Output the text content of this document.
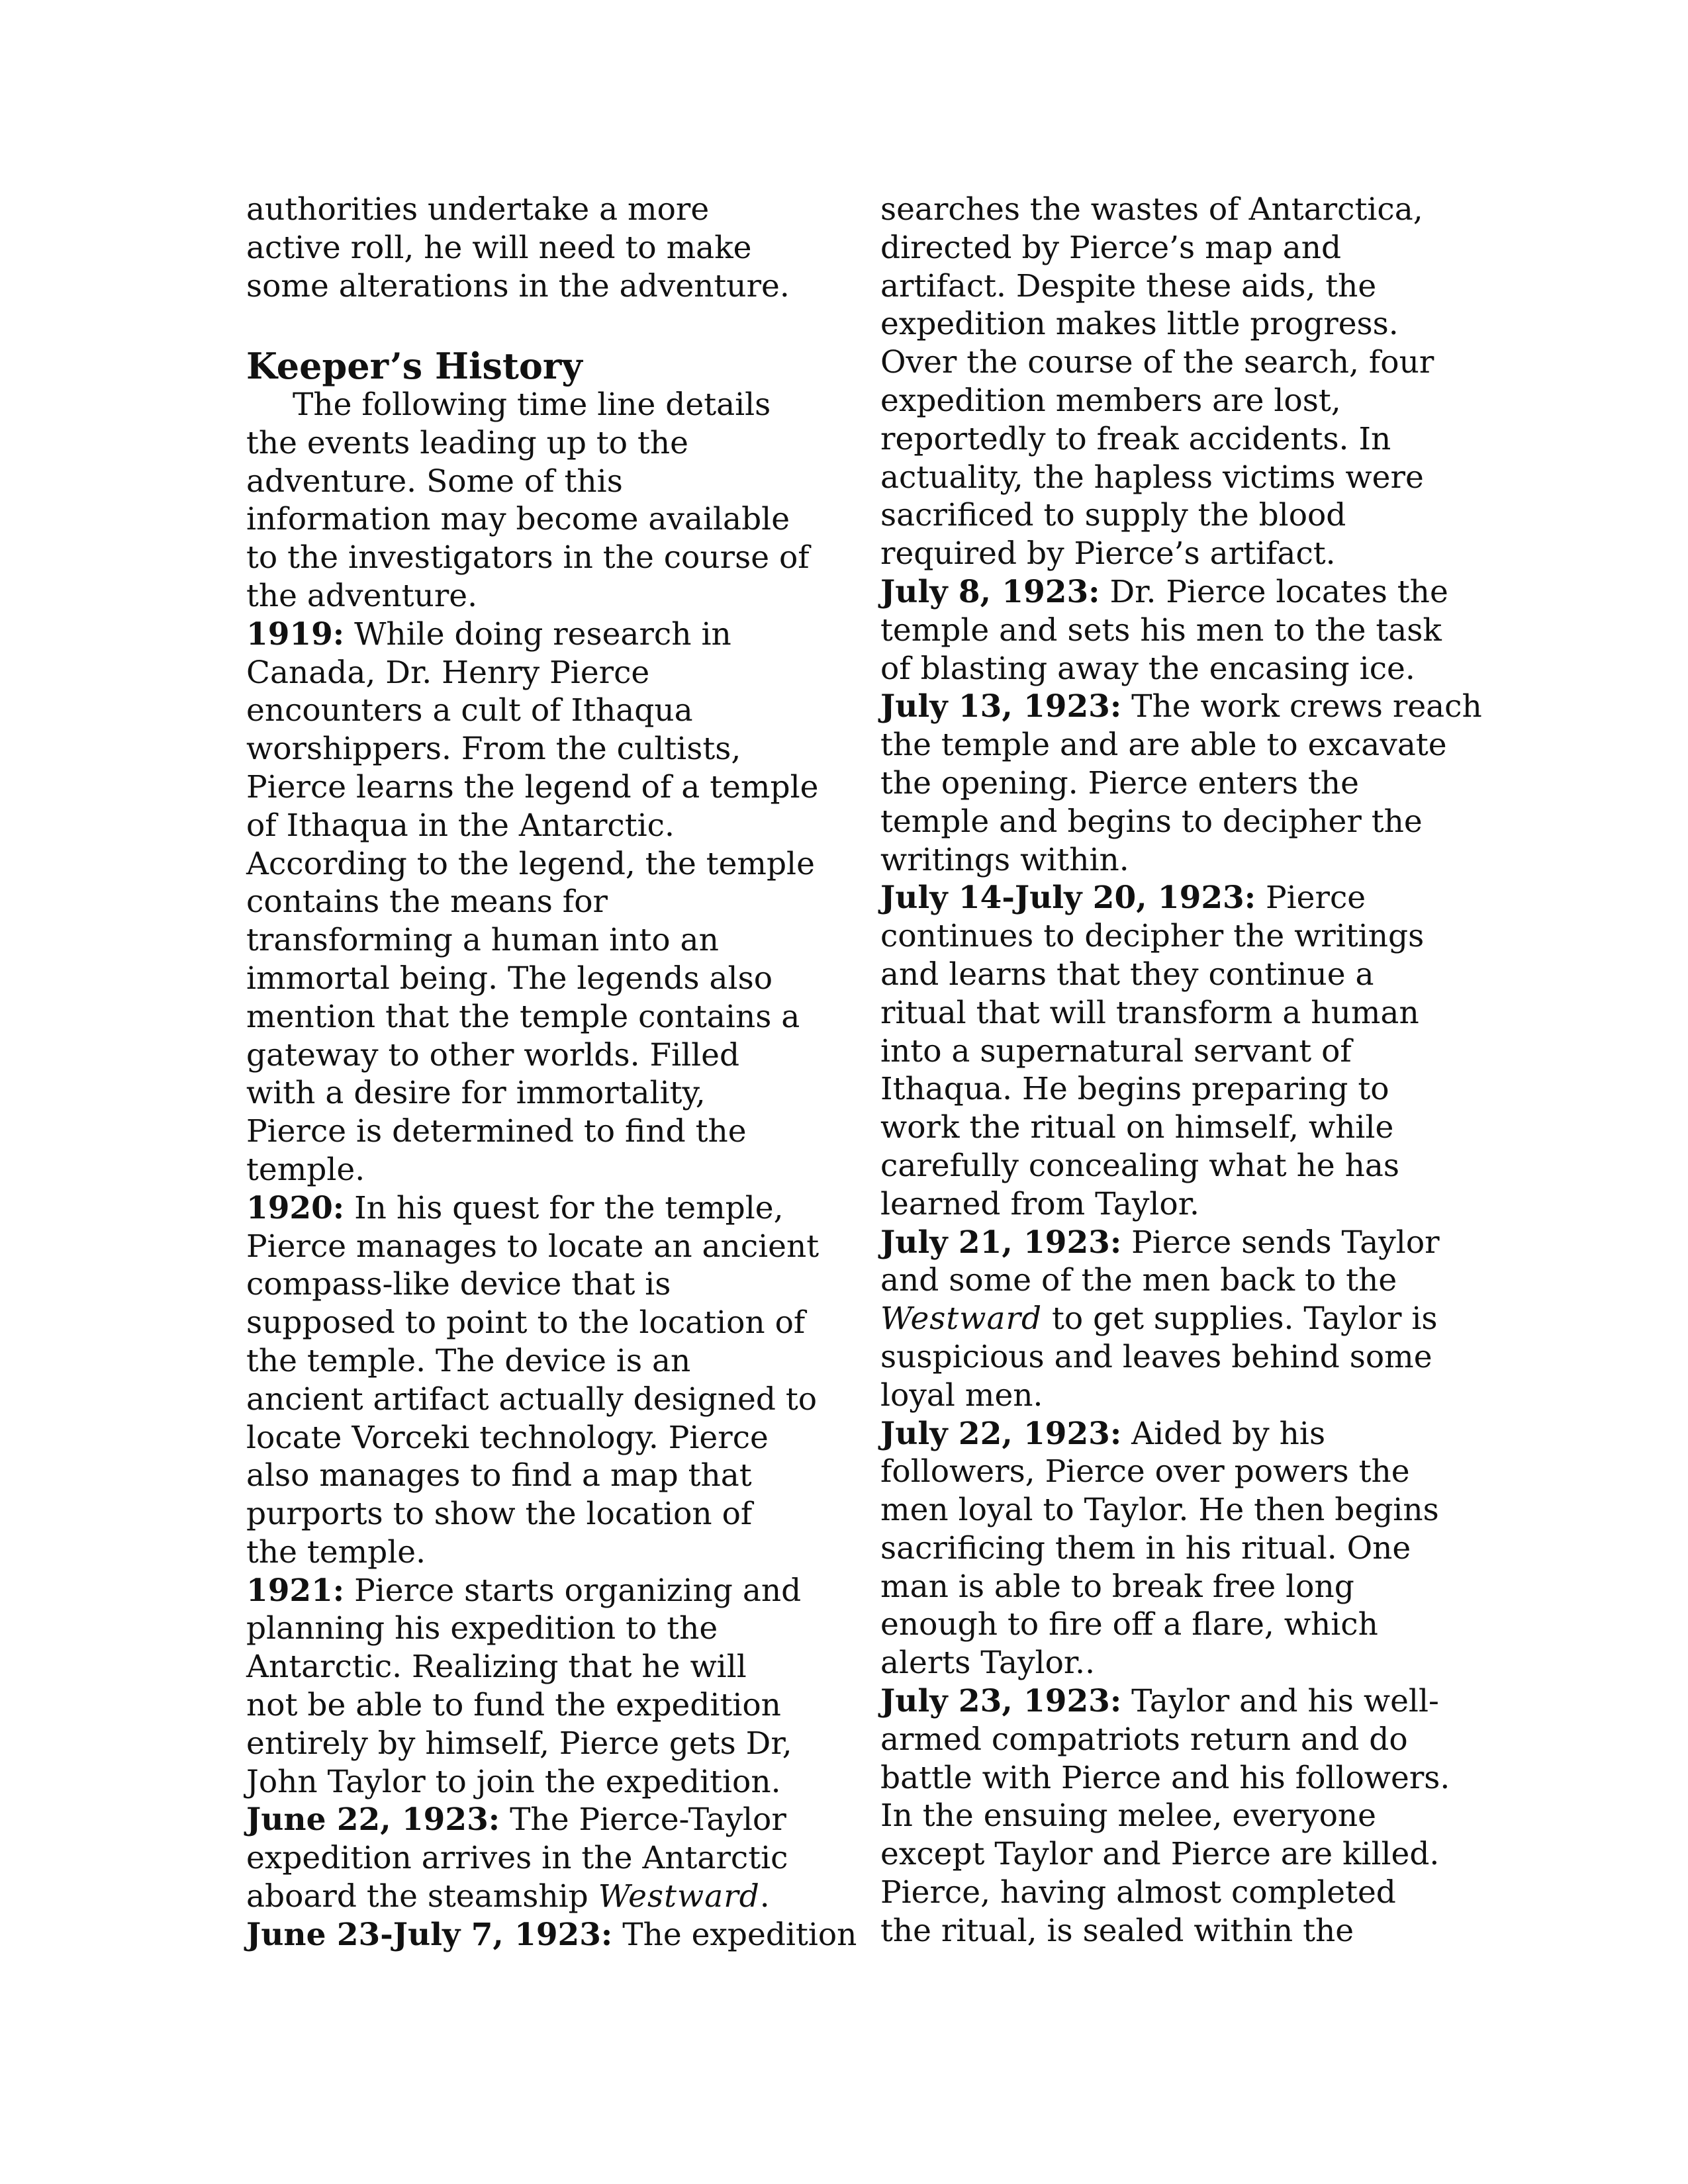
authorities undertake a more
active roll, he will need to make
some alterations in the adventure.
Keeper’s History
The following time line details
the events leading up to the
adventure. Some of this
information may become available
to the investigators in the course of
the adventure.
1919: While doing research in
Canada, Dr. Henry Pierce
encounters a cult of Ithaqua
worshippers. From the cultists,
Pierce learns the legend of a temple
of Ithaqua in the Antarctic.
According to the legend, the temple
contains the means for
transforming a human into an
immortal being. The legends also
mention that the temple contains a
gateway to other worlds. Filled
with a desire for immortality,
Pierce is determined to find the
temple.
1920: In his quest for the temple,
Pierce manages to locate an ancient
compass-like device that is
supposed to point to the location of
the temple. The device is an
ancient artifact actually designed to
locate Vorceki technology. Pierce
also manages to find a map that
purports to show the location of
the temple.
1921: Pierce starts organizing and
planning his expedition to the
Antarctic. Realizing that he will
not be able to fund the expedition
entirely by himself, Pierce gets Dr,
John Taylor to join the expedition.
June 22, 1923: The Pierce-Taylor
expedition arrives in the Antarctic
aboard the steamship Westward.
June 23-July 7, 1923: The expedition
searches the wastes of Antarctica,
directed by Pierce’s map and
artifact. Despite these aids, the
expedition makes little progress.
Over the course of the search, four
expedition members are lost,
reportedly to freak accidents. In
actuality, the hapless victims were
sacrificed to supply the blood
required by Pierce’s artifact.
July 8, 1923: Dr. Pierce locates the
temple and sets his men to the task
of blasting away the encasing ice.
July 13, 1923: The work crews reach
the temple and are able to excavate
the opening. Pierce enters the
temple and begins to decipher the
writings within.
July 14-July 20, 1923: Pierce
continues to decipher the writings
and learns that they continue a
ritual that will transform a human
into a supernatural servant of
Ithaqua. He begins preparing to
work the ritual on himself, while
carefully concealing what he has
learned from Taylor.
July 21, 1923: Pierce sends Taylor
and some of the men back to the
Westward to get supplies. Taylor is
suspicious and leaves behind some
loyal men.
July 22, 1923: Aided by his
followers, Pierce over powers the
men loyal to Taylor. He then begins
sacrificing them in his ritual. One
man is able to break free long
enough to fire off a flare, which
alerts Taylor..
July 23, 1923: Taylor and his well-
armed compatriots return and do
battle with Pierce and his followers.
In the ensuing melee, everyone
except Taylor and Pierce are killed.
Pierce, having almost completed
the ritual, is sealed within the
